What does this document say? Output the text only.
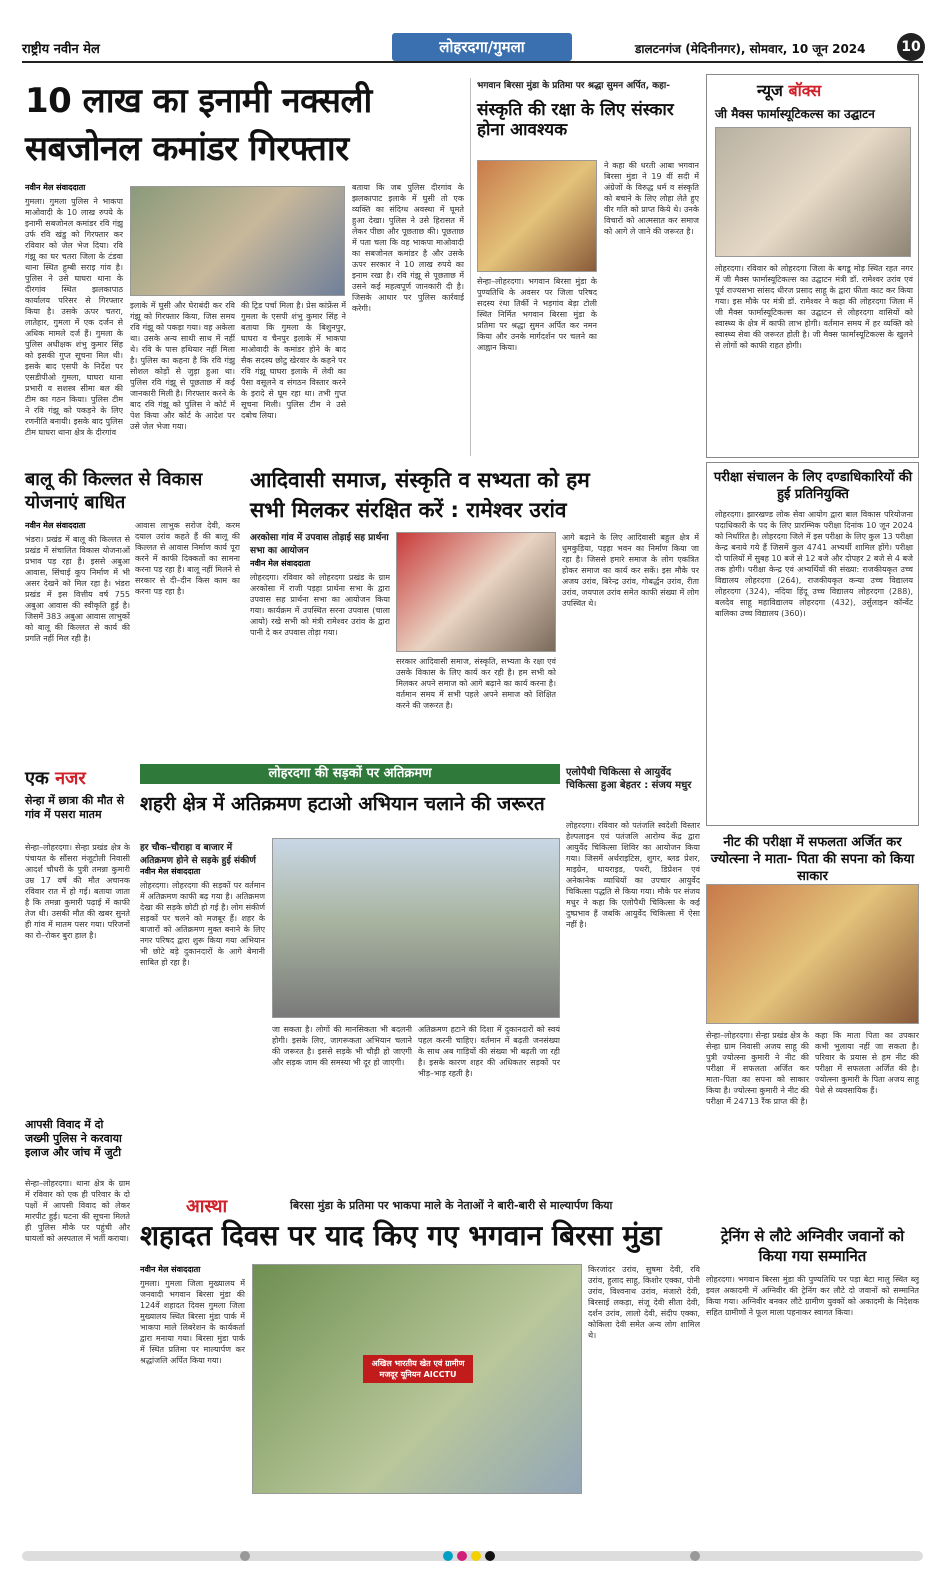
राष्ट्रीय नवीन मेल	लोहरदगा/गुमला	डालटनगंज (मेदिनीनगर), सोमवार, 10 जून 2024	10
10 लाख का इनामी नक्सली
सबजोनल कमांडर गिरफ्तार

नवीन मेल संवाददाता

गुमला। गुमला पुलिस ने भाकपा माओवादी के 10 लाख रुपये के इनामी सबजोनल कमांडर रवि गंझू उर्फ रवि खंडु को गिरफ्तार कर रविवार को जेल भेज दिया। रवि गंझू का घर चतरा जिला के टंडवा थाना स्थित हुम्बी सराइ गांव है। पुलिस ने उसे घाघरा थाना के दीरगांव स्थित झलकापाठ कार्यालय परिसर से गिरफ्तार किया है। उसके ऊपर चतरा, लातेहार, गुमला में एक दर्जन से अधिक मामले दर्ज हैं। गुमला के पुलिस अधीक्षक शंभु कुमार सिंह को इसकी गुप्त सूचना मिल थी। इसके बाद एसपी के निर्देश पर एसडीपीओ गुमला, घाघरा थाना प्रभारी व सशस्त्र सीमा बल की टीम का गठन किया। पुलिस टीम ने रवि गंझू को पकड़ने के लिए रणनीति बनायी। इसके बाद पुलिस टीम घाघरा थाना क्षेत्र के दीरगांव

इलाके में घुसी और घेराबंदी कर रवि गंझू को गिरफ्तार किया, जिस समय रवि गंझू को पकड़ा गया। वह अकेला था। उसके अन्य साथी साथ में नहीं थे। रवि के पास हथियार नहीं मिला है। पुलिस का कहना है कि रवि गंझू सोशल कोड़ों से जुड़ा हुआ था। पुलिस रवि गंझू से पूछताछ में कई जानकारी मिली है। गिरफ्तार करने के बाद रवि गंझू को पुलिस ने कोर्ट में पेश किया और कोर्ट के आदेश पर उसे जेल भेजा गया।
की ट्रिड पर्चा मिला है। प्रेस कांफ्रेंस में गुमला के एसपी शंभु कुमार सिंह ने बताया कि गुमला के बिशुनपुर, घाघरा व चैनपुर इलाके में भाकपा माओवादी के कमांडर होने के बाद सैक सदस्य छोटु खेरवार के कहने पर रवि गंझू घाघरा इलाके में लेवी का पैसा वसूलने व संगठन विस्तार करने के इरादे से घूम रहा था। तभी गुप्त सूचना मिली। पुलिस टीम ने उसे दबोच लिया।
बताया कि जब पुलिस दीरगांव के झलकापाट इलाके में घुसी तो एक व्यक्ति का संदिग्ध अवस्था में घूमते हुआ देखा। पुलिस ने उसे हिरासत में लेकर पीछा और पूछताछ की। पूछताछ में पता चला कि वह भाकपा माओवादी का सबजोनल कमांडर है और उसके ऊपर सरकार ने 10 लाख रुपये का इनाम रखा है। रवि गंझू से पूछताछ में उसने कई महत्वपूर्ण जानकारी दी है। जिसके आधार पर पुलिस कार्रवाई करेगी।
भगवान बिरसा मुंडा के प्रतिमा पर श्रद्धा सुमन अर्पित, कहा-
संस्कृति की रक्षा के लिए संस्कार होना आवश्यक
सेन्हा–लोहरदगा। भगवान बिरसा मुंडा के पुण्यतिथि के अवसर पर जिला परिषद सदस्य रंथा तिर्की ने भड़गांव बेड़ा टोली स्थित निर्मित भगवान बिरसा मुंडा के प्रतिमा पर श्रद्धा सुमन अर्पित कर नमन किया और उनके मार्गदर्शन पर चलने का आह्वान किया।
ने कहा की धरती आबा भगवान बिरसा मुंडा ने 19 वीं सदी में अंग्रेजों के विरुद्ध धर्म व संस्कृति को बचाने के लिए लोहा लेते हुए वीर गति को प्राप्त किये थे। उनके विचारों को आत्मसात कर समाज को आगे ले जाने की जरूरत है।
न्यूज बॉक्स
जी मैक्स फार्मास्यूटिकल्स का उद्घाटन
लोहरदगा। रविवार को लोहरदगा जिला के बगडू मोड़ स्थित रहत नगर में जी मैक्स फार्मास्यूटिकल्स का उद्घाटन मंत्री डॉ. रामेश्वर उरांव एवं पूर्व राज्यसभा सांसद धीरज प्रसाद साहू के द्वारा फीता काट कर किया गया। इस मौके पर मंत्री डॉ. रामेश्वर ने कहा की लोहरदगा जिला में जी मैक्स फार्मास्यूटिकल्स का उद्घाटन से लोहरदगा वासियों को स्वास्थ्य के क्षेत्र में काफी लाभ होगी। वर्तमान समय में हर व्यक्ति को स्वास्थ्य सेवा की जरूरत होती है। जी मैक्स फार्मास्यूटिकल्स के खुलने से लोगों को काफी राहत होगी।
परीक्षा संचालन के लिए दण्डाधिकारियों की हुई प्रतिनियुक्ति
लोहरदगा। झारखण्ड लोक सेवा आयोग द्वारा बाल विकास परियोजना पदाधिकारी के पद के लिए प्रारम्भिक परीक्षा दिनांक 10 जून 2024 को निर्धारित है। लोहरदगा जिले में इस परीक्षा के लिए कुल 13 परीक्षा केन्द्र बनाये गये हैं जिसमें कुल 4741 अभ्यर्थी शामिल होंगे। परीक्षा दो पालियों में सुबह 10 बजे से 12 बजे और दोपहर 2 बजे से 4 बजे तक होगी। परीक्षा केन्द्र एवं अभ्यर्थियों की संख्या: राजकीयकृत उच्च विद्यालय लोहरदगा (264), राजकीयकृत कन्या उच्च विद्यालय लोहरदगा (324), नदिया हिंदू उच्च विद्यालय लोहरदगा (288), बलदेव साहू महाविद्यालय लोहरदगा (432), उर्सुलाइन कॉन्वेंट बालिका उच्च विद्यालय (360)।
बालू की किल्लत से विकास योजनाएं बाधित

नवीन मेल संवाददाता

भंडरा। प्रखंड में बालू की किल्लत से प्रखंड में संचालित विकास योजनाओं प्रभाव पड़ रहा है। इससे अबुआ आवास, सिंचाई कूप निर्माण में भी असर देखने को मिल रहा है। भंडरा प्रखंड में इस वित्तीय वर्ष 755 अबुआ आवास की स्वीकृति हुई है। जिसमें 383 अबुआ आवास लाभुकों को बालू की किल्लत से कार्य की प्रगति नहीं मिल रही है।

आवास लाभुक सरोज देवी, करम दयाल उरांव कहते हैं की बालू की किल्लत से आवास निर्माण कार्य पूरा करने में काफी दिक्कतों का सामना करना पड़ रहा है। बालू नहीं मिलने से सरकार से दी–दीन किस काम का करना पड़ रहा है।
आदिवासी समाज, संस्कृति व सभ्यता को हम
सभी मिलकर संरक्षित करें : रामेश्वर उरांव
अरकोसा गांव में उपवास तोड़ाई सह प्रार्थना सभा का आयोजन

नवीन मेल संवाददाता

लोहरदगा। रविवार को लोहरदगा प्रखंड के ग्राम अरकोसा में राजी पड़हा प्रार्थना सभा के द्वारा उपवास सह प्रार्थना सभा का आयोजन किया गया। कार्यक्रम में उपस्थित सरना उपवास (चाला आयो) रखे सभी को मंत्री रामेश्वर उरांव के द्वारा पानी दे कर उपवास तोड़ा गया।

सरकार आदिवासी समाज, संस्कृति, सभ्यता के रक्षा एवं उसके विकास के लिए कार्य कर रही है। हम सभी को मिलकर अपने समाज को आगे बढ़ाने का कार्य करना है। वर्तमान समय में सभी पहले अपने समाज को शिक्षित करने की जरूरत है।
आगे बढ़ाने के लिए आदिवासी बहुल क्षेत्र में धुमकुड़िया, पड़हा भवन का निर्माण किया जा रहा है। जिससे हमारे समाज के लोग एकत्रित होकर समाज का कार्य कर सकें। इस मौके पर अजय उरांव, बिरेन्द्र उरांव, गोबर्द्धन उरांव, रीता उरांव, जयपाल उरांव समेत काफी संख्या में लोग उपस्थित थे।
एक नजर
सेन्हा में छात्रा की मौत से गांव में पसरा मातम
सेन्हा–लोहरदगा। सेन्हा प्रखंड क्षेत्र के पंचायत के सौंसरा मंजूटोली निवासी आदर्श चौधरी के पुत्री तमन्ना कुमारी उम्र 17 वर्ष की मौत अचानक रविवार रात में हो गई। बताया जाता है कि तमन्ना कुमारी पढ़ाई में काफी तेज थी। उसकी मौत की खबर सुनते ही गांव में मातम पसर गया। परिजनों का रो–रोकर बुरा हाल है।
आपसी विवाद में दो जख्मी पुलिस ने करवाया इलाज और जांच में जुटी
सेन्हा–लोहरदगा। थाना क्षेत्र के ग्राम में रविवार को एक ही परिवार के दो पक्षों में आपसी विवाद को लेकर मारपीट हुई। घटना की सूचना मिलते ही पुलिस मौके पर पहुंची और घायलों को अस्पताल में भर्ती कराया।
लोहरदगा की सड़कों पर अतिक्रमण
शहरी क्षेत्र में अतिक्रमण हटाओ अभियान चलाने की जरूरत
हर चौक–चौराहा व बाजार में अतिक्रमण होने से सड़के हुई संकीर्ण

नवीन मेल संवाददाता

लोहरदगा। लोहरदगा की सड़कों पर वर्तमान में अतिक्रमण काफी बढ़ गया है। अतिक्रमण देखा की सड़के छोटी हो गई है। लोग संकीर्ण सड़कों पर चलने को मजबूर हैं। शहर के बाजारों को अतिक्रमण मुक्त बनाने के लिए नगर परिषद द्वारा शुरू किया गया अभियान भी छोटे बड़े दुकानदारों के आगे बेमानी साबित हो रहा है।

जा सकता है। लोगों की मानसिकता भी बदलनी होगी। इसके लिए, जागरूकता अभियान चलाने की जरूरत है। इससे सड़के भी चौड़ी हो जाएगी और सड़क जाम की समस्या भी दूर हो जाएगी।
अतिक्रमण हटाने की दिशा में दुकानदारों को स्वयं पहल करनी चाहिए। वर्तमान में बढ़ती जनसंख्या के साथ अब गाड़ियों की संख्या भी बढ़ती जा रही है। इसके कारण शहर की अधिकतर सड़कों पर भीड़–भाड़ रहती है।
एलोपैथी चिकित्सा से आयुर्वेद चिकित्सा हुआ बेहतर : संजय मधुर
लोहरदगा। रविवार को पतंजलि स्वदेशी विस्तार हेल्पलाइन एवं पतंजलि आरोग्य केंद्र द्वारा आयुर्वेद चिकित्सा शिविर का आयोजन किया गया। जिसमें अर्थराइटिस, शुगर, ब्लड प्रेशर, माइग्रेन, थायराइड, पथरी, डिप्रेशन एवं अनेकानेक व्याधियों का उपचार आयुर्वेद चिकित्सा पद्धति से किया गया। मौके पर संजय मधुर ने कहा कि एलोपैथी चिकित्सा के कई दुष्प्रभाव हैं जबकि आयुर्वेद चिकित्सा में ऐसा नहीं है।
नीट की परीक्षा में सफलता अर्जित कर ज्योत्स्ना ने माता- पिता की सपना को किया साकार
सेन्हा–लोहरदगा। सेन्हा प्रखंड क्षेत्र के सेन्हा ग्राम निवासी अजय साहू की पुत्री ज्योत्स्ना कुमारी ने नीट की परीक्षा में सफलता अर्जित कर माता–पिता का सपना को साकार किया है। ज्योत्स्ना कुमारी ने नीट की परीक्षा में 24713 रैंक प्राप्त की है।
कहा कि माता पिता का उपकार कभी भुलाया नहीं जा सकता है। परिवार के प्रयास से हम नीट की परीक्षा में सफलता अर्जित की है। ज्योत्स्ना कुमारी के पिता अजय साहू पेशे से व्यवसायिक हैं।
ट्रेनिंग से लौटे अग्निवीर जवानों को किया गया सम्मानित
लोहरदगा। भगवान बिरसा मुंडा की पुण्यतिथि पर पड़ा बेटा मालु स्थित ब्लू इवल अकादमी में अग्निवीर की ट्रेनिंग कर लौटे दो जवानों को सम्मानित किया गया। अग्निवीर बनकर लौटे ग्रामीण युवकों को अकादमी के निदेशक सहित ग्रामीणों ने फूल माला पहनाकर स्वागत किया।
आस्था	बिरसा मुंडा के प्रतिमा पर भाकपा माले के नेताओं ने बारी-बारी से माल्यार्पण किया
शहादत दिवस पर याद किए गए भगवान बिरसा मुंडा

नवीन मेल संवाददाता

गुमला। गुमला जिला मुख्यालय में जनवादी भगवान बिरसा मुंडा की 124वें शहादत दिवस गुमला जिला मुख्यालय स्थित बिरसा मुंडा पार्क में भाकपा माले लिबरेशन के कार्यकर्ता द्वारा मनाया गया। बिरसा मुंडा पार्क में स्थित प्रतिमा पर माल्यार्पण कर श्रद्धांजलि अर्पित किया गया।	अखिल भारतीय खेत एवं ग्रामीण मजदूर यूनियन AICCTU
किरजांदर उरांव, सुषमा देवी, रवि उरांव, हुलाद साहू, किशोर एक्का, पोनी उरांव, विश्वनाथ उरांव, मंजारो देवी, बिरसाई लकड़ा, संजू देवी सीता देवी, दर्शन उरांव, लालो देवी, संदीप एक्का, कोकिला देवी समेत अन्य लोग शामिल थे।
